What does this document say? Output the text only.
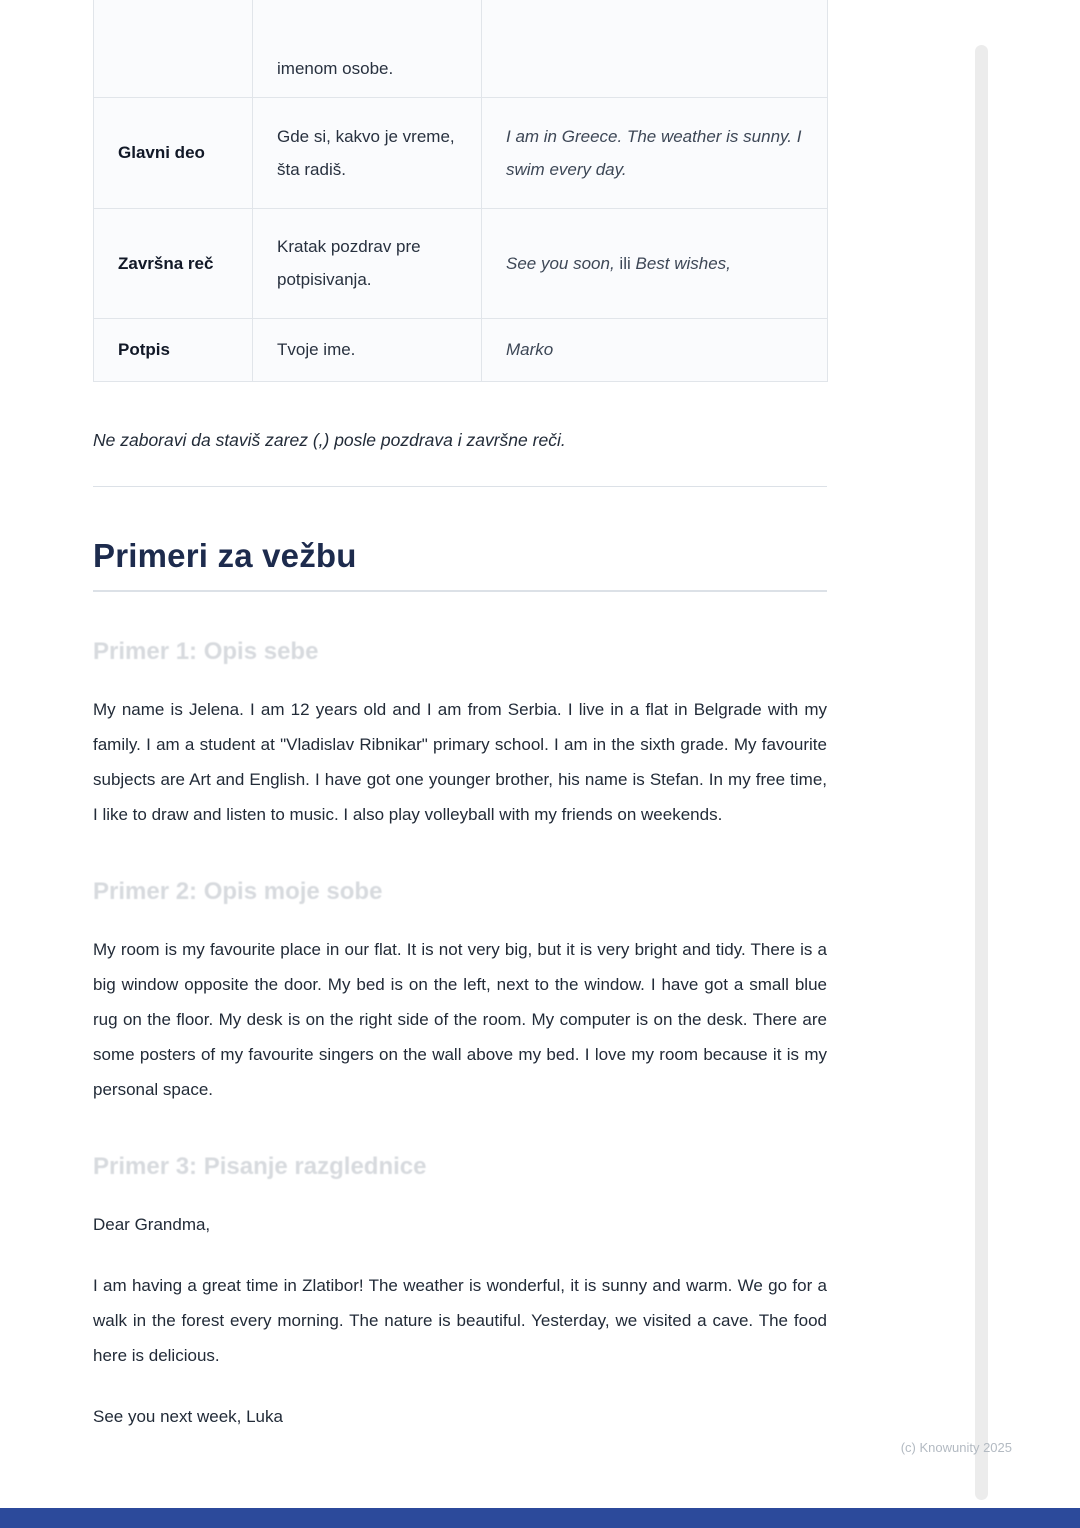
	imenom osobe.	
Glavni deo	Gde si, kakvo je vreme, šta radiš.	I am in Greece. The weather is sunny. I swim every day.
Završna reč	Kratak pozdrav pre potpisivanja.	See you soon, ili Best wishes,
Potpis	Tvoje ime.	Marko

Ne zaboravi da staviš zarez (,) posle pozdrava i završne reči.

Primeri za vežbu
Primer 1: Opis sebe

My name is Jelena. I am 12 years old and I am from Serbia. I live in a flat in Belgrade with my family. I am a student at "Vladislav Ribnikar" primary school. I am in the sixth grade. My favourite subjects are Art and English. I have got one younger brother, his name is Stefan. In my free time, I like to draw and listen to music. I also play volleyball with my friends on weekends.

Primer 2: Opis moje sobe

My room is my favourite place in our flat. It is not very big, but it is very bright and tidy. There is a big window opposite the door. My bed is on the left, next to the window. I have got a small blue rug on the floor. My desk is on the right side of the room. My computer is on the desk. There are some posters of my favourite singers on the wall above my bed. I love my room because it is my personal space.

Primer 3: Pisanje razglednice

Dear Grandma,

I am having a great time in Zlatibor! The weather is wonderful, it is sunny and warm. We go for a walk in the forest every morning. The nature is beautiful. Yesterday, we visited a cave. The food here is delicious.

See you next week, Luka

(c) Knowunity 2025
